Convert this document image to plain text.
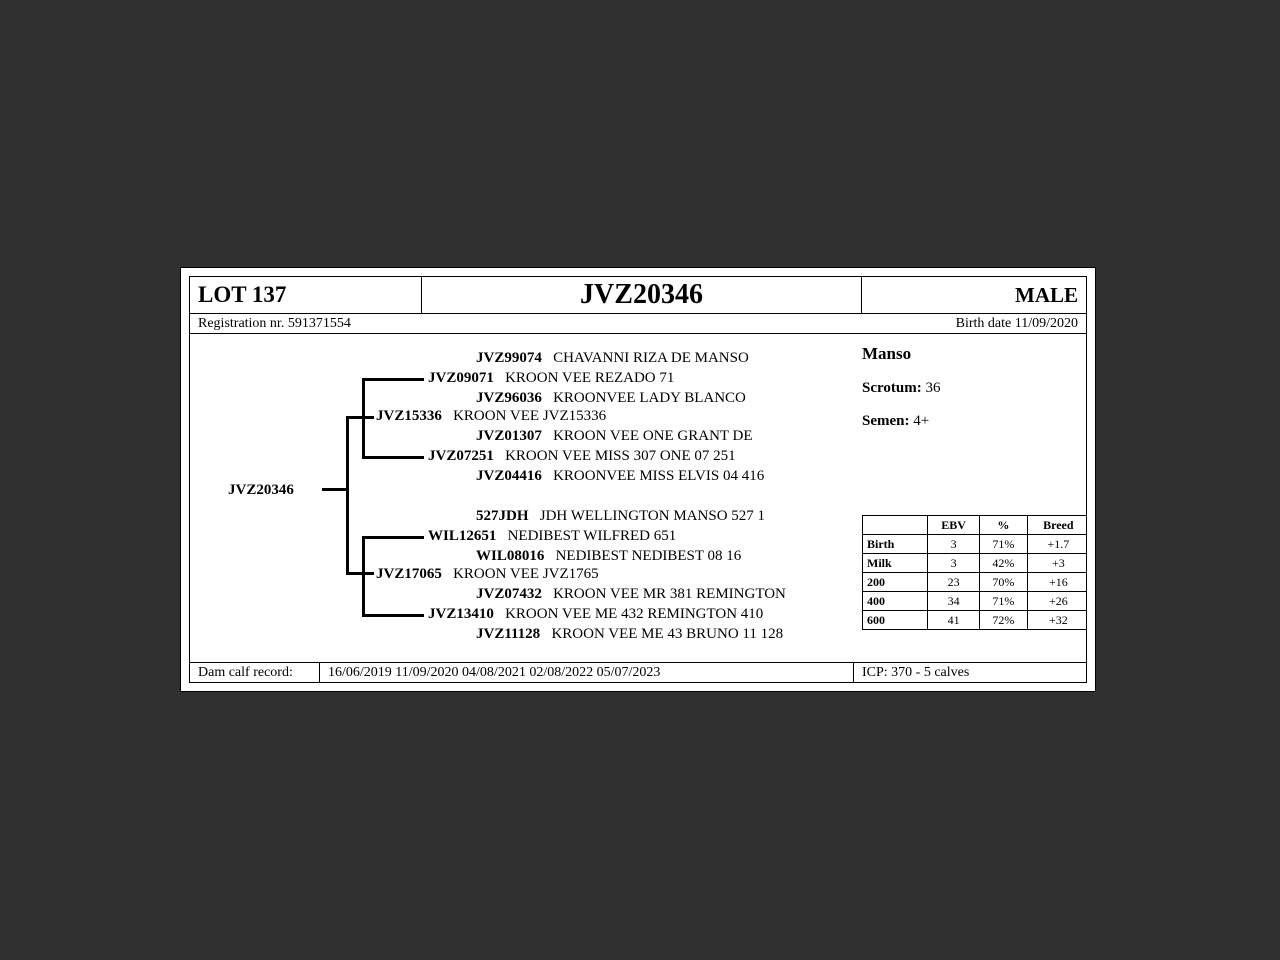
LOT 137	JVZ20346	MALE
Registration nr. 591371554	Birth date 11/09/2020
JVZ20346
JVZ99074   CHAVANNI RIZA DE MANSO
JVZ09071   KROON VEE REZADO 71
JVZ96036   KROONVEE LADY BLANCO
JVZ15336   KROON VEE JVZ15336
JVZ01307   KROON VEE ONE GRANT DE
JVZ07251   KROON VEE MISS 307 ONE 07 251
JVZ04416   KROONVEE MISS ELVIS 04 416
527JDH   JDH WELLINGTON MANSO 527 1
WIL12651   NEDIBEST WILFRED 651
WIL08016   NEDIBEST NEDIBEST 08 16
JVZ17065   KROON VEE JVZ1765
JVZ07432   KROON VEE MR 381 REMINGTON
JVZ13410   KROON VEE ME 432 REMINGTON 410
JVZ11128   KROON VEE ME 43 BRUNO 11 128
Manso
Scrotum: 36
Semen: 4+
	EBV	%	Breed
Birth	3	71%	+1.7
Milk	3	42%	+3
200	23	70%	+16
400	34	71%	+26
600	41	72%	+32
Dam calf record:	16/06/2019 11/09/2020 04/08/2021 02/08/2022 05/07/2023	ICP: 370 - 5 calves
